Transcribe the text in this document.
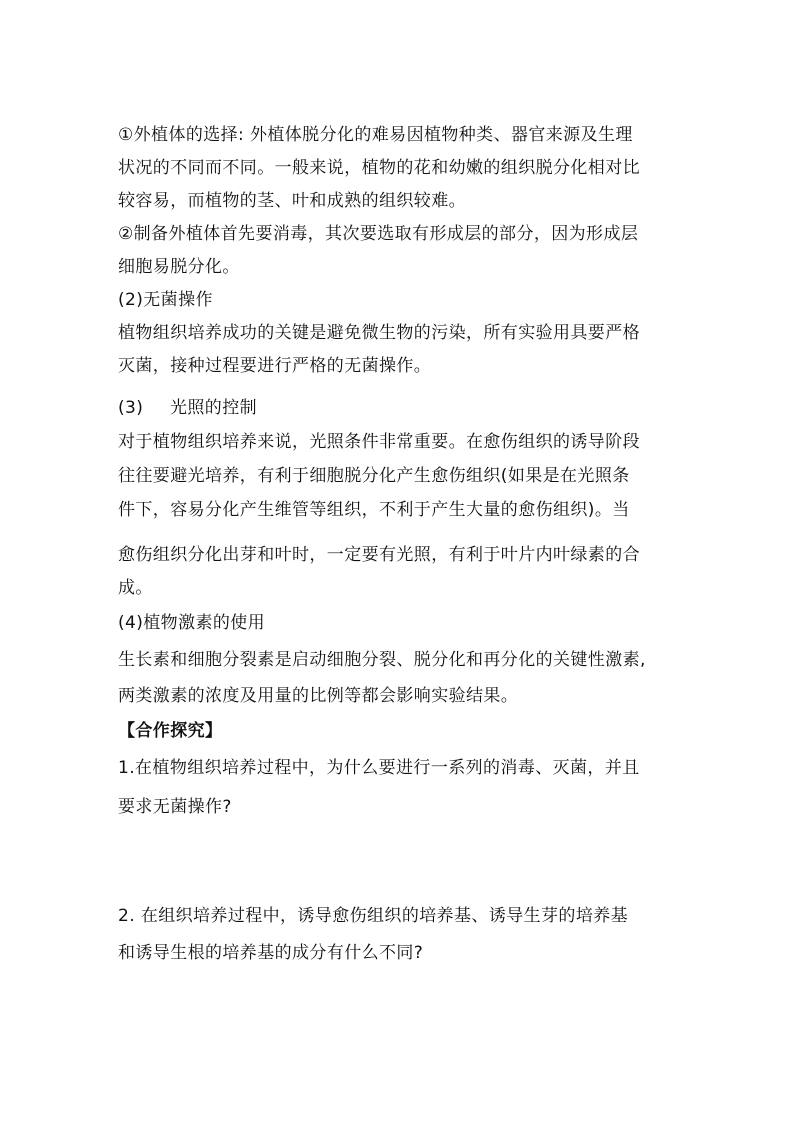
①外植体的选择: 外植体脱分化的难易因植物种类、器官来源及生理
状况的不同而不同。一般来说，植物的花和幼嫩的组织脱分化相对比
较容易，而植物的茎、叶和成熟的组织较难。
②制备外植体首先要消毒，其次要选取有形成层的部分，因为形成层
细胞易脱分化。
(2)无菌操作
植物组织培养成功的关键是避免微生物的污染，所有实验用具要严格
灭菌，接种过程要进行严格的无菌操作。
(3) 光照的控制
对于植物组织培养来说，光照条件非常重要。在愈伤组织的诱导阶段
往往要避光培养，有利于细胞脱分化产生愈伤组织(如果是在光照条
件下，容易分化产生维管等组织，不利于产生大量的愈伤组织)。当
愈伤组织分化出芽和叶时，一定要有光照，有利于叶片内叶绿素的合
成。
(4)植物激素的使用
生长素和细胞分裂素是启动细胞分裂、脱分化和再分化的关键性激素,
两类激素的浓度及用量的比例等都会影响实验结果。
【合作探究】
1.在植物组织培养过程中，为什么要进行一系列的消毒、灭菌，并且
要求无菌操作?
2. 在组织培养过程中，诱导愈伤组织的培养基、诱导生芽的培养基
和诱导生根的培养基的成分有什么不同?
